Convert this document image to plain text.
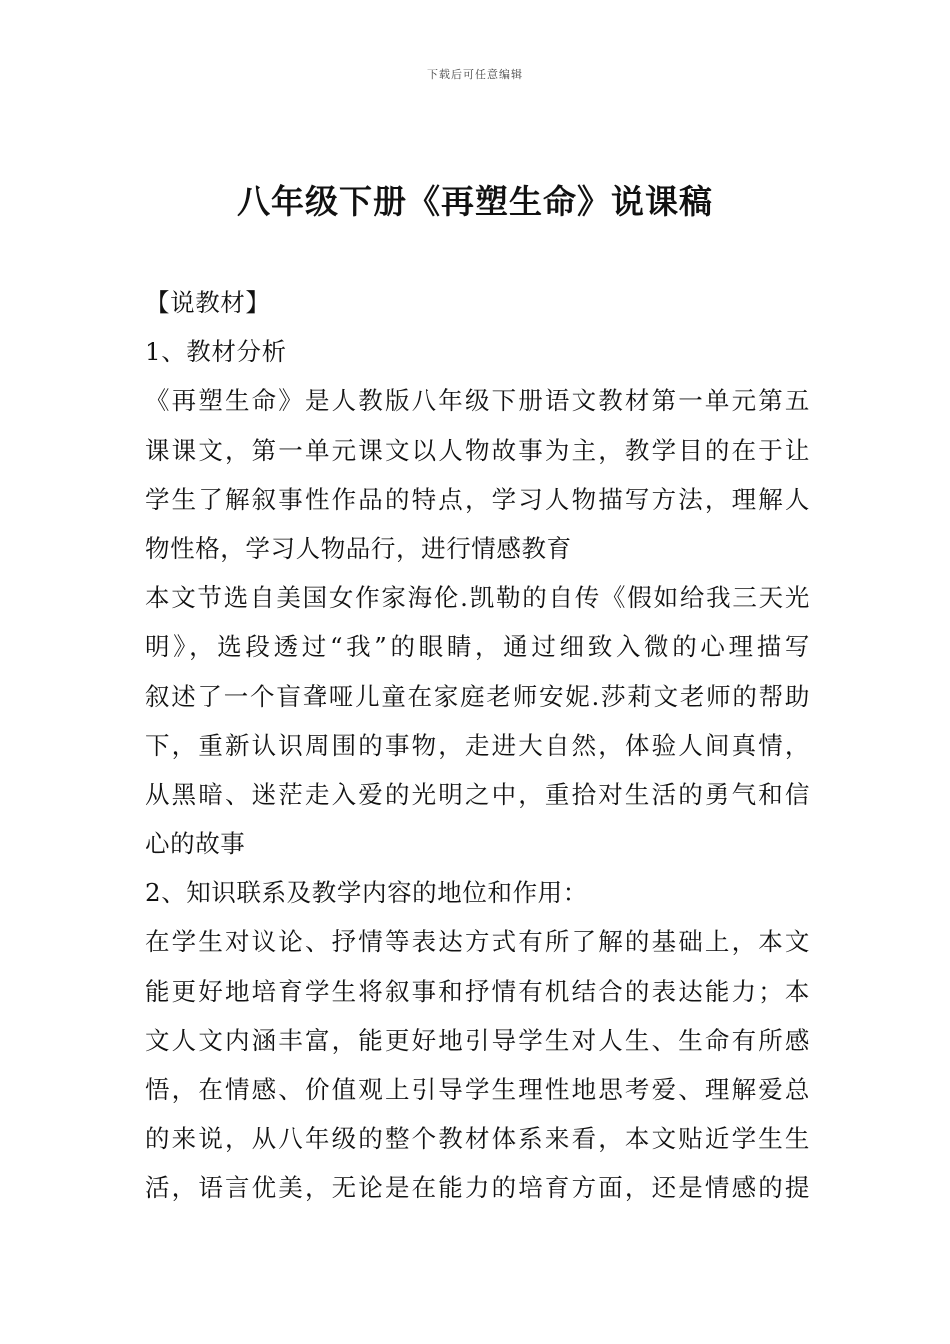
下载后可任意编辑
八年级下册《再塑生命》说课稿
【说教材】
1、教材分析
《再塑生命》是人教版八年级下册语文教材第一单元第五
课课文，第一单元课文以人物故事为主，教学目的在于让
学生了解叙事性作品的特点，学习人物描写方法，理解人
物性格，学习人物品行，进行情感教育
本文节选自美国女作家海伦.凯勒的自传《假如给我三天光
明》，选段透过“我”的眼睛，通过细致入微的心理描写
叙述了一个盲聋哑儿童在家庭老师安妮.莎莉文老师的帮助
下，重新认识周围的事物，走进大自然，体验人间真情，
从黑暗、迷茫走入爱的光明之中，重拾对生活的勇气和信
心的故事
2、知识联系及教学内容的地位和作用：
在学生对议论、抒情等表达方式有所了解的基础上，本文
能更好地培育学生将叙事和抒情有机结合的表达能力；本
文人文内涵丰富，能更好地引导学生对人生、生命有所感
悟，在情感、价值观上引导学生理性地思考爱、理解爱总
的来说，从八年级的整个教材体系来看，本文贴近学生生
活，语言优美，无论是在能力的培育方面，还是情感的提
